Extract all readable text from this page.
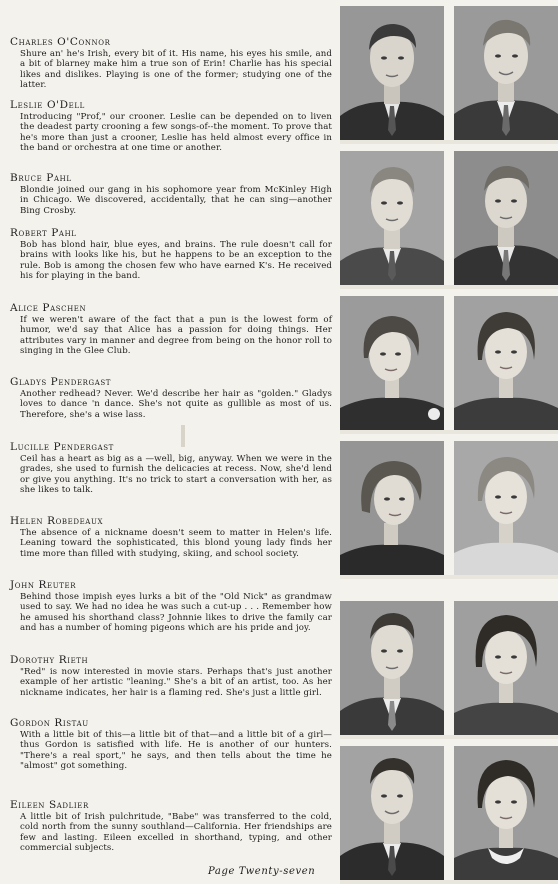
Charles O'Connor

Shure an' he's Irish, every bit of it. His name, his eyes his smile, and a bit of blarney make him a true son of Erin! Charlie has his special likes and dislikes. Playing is one of the former; studying one of the latter.

Leslie O'Dell

Introducing "Prof," our crooner. Leslie can be depended on to liven the deadest party crooning a few songs-of--the moment. To prove that he's more than just a crooner, Leslie has held almost every office in the band or orchestra at one time or another.

Bruce Pahl

Blondie joined our gang in his sophomore year from McKinley High in Chicago. We discovered, accidentally, that he can sing—another Bing Crosby.

Robert Pahl

Bob has blond hair, blue eyes, and brains. The rule doesn't call for brains with looks like his, but he happens to be an exception to the rule. Bob is among the chosen few who have earned K's. He received his for playing in the band.

Alice Paschen

If we weren't aware of the fact that a pun is the lowest form of humor, we'd say that Alice has a passion for doing things. Her attributes vary in manner and degree from being on the honor roll to singing in the Glee Club.

Gladys Pendergast

Another redhead? Never. We'd describe her hair as "golden." Gladys loves to dance 'n dance. She's not quite as gullible as most of us. Therefore, she's a wise lass.

Lucille Pendergast

Ceil has a heart as big as a —well, big, anyway. When we were in the grades, she used to furnish the delicacies at recess. Now, she'd lend or give you anything. It's no trick to start a conversation with her, as she likes to talk.

Helen Robedeaux

The absence of a nickname doesn't seem to matter in Helen's life. Leaning toward the sophisticated, this blond young lady finds her time more than filled with studying, skiing, and school society.

John Reuter

Behind those impish eyes lurks a bit of the "Old Nick" as grandmaw used to say. We had no idea he was such a cut-up . . . Remember how he amused his shorthand class? Johnnie likes to drive the family car and has a number of homing pigeons which are his pride and joy.

Dorothy Rieth

"Red" is now interested in movie stars. Perhaps that's just another example of her artistic "leaning." She's a bit of an artist, too. As her nickname indicates, her hair is a flaming red. She's just a little girl.

Gordon Ristau

With a little bit of this—a little bit of that—and a little bit of a girl—thus Gordon is satisfied with life. He is another of our hunters. "There's a real sport," he says, and then tells about the time he "almost" got something.

Eileen Sadlier

A little bit of Irish pulchritude, "Babe" was transferred to the cold, cold north from the sunny southland—California. Her friendships are few and lasting. Eileen excelled in shorthand, typing, and other commercial subjects.

Page Twenty-seven
